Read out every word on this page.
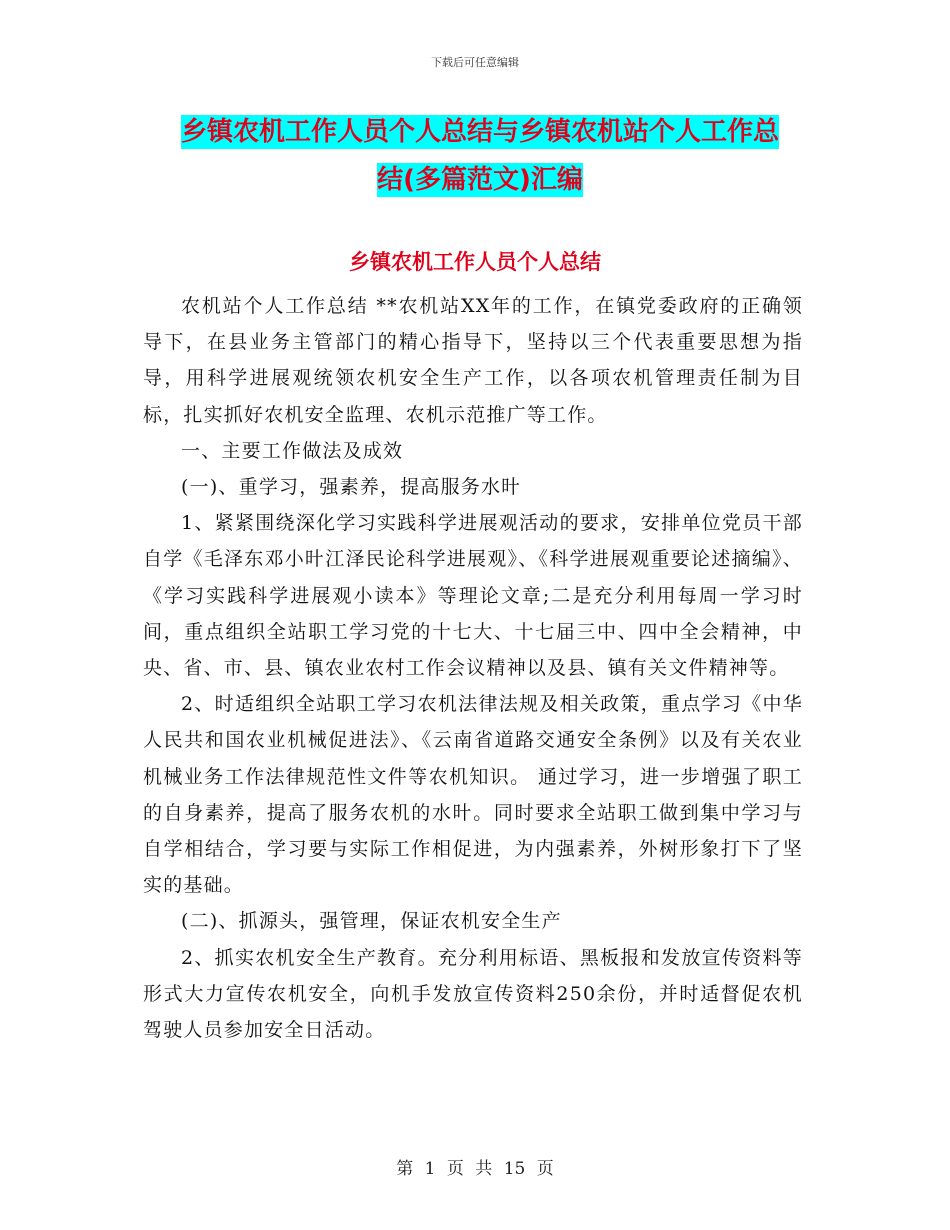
下载后可任意编辑
乡镇农机工作人员个人总结与乡镇农机站个人工作总
结(多篇范文)汇编
乡镇农机工作人员个人总结

农机站个人工作总结 **农机站XX年的工作，在镇党委政府的正确领导下，在县业务主管部门的精心指导下，坚持以三个代表重要思想为指导，用科学进展观统领农机安全生产工作，以各项农机管理责任制为目标，扎实抓好农机安全监理、农机示范推广等工作。

一、主要工作做法及成效

(一)、重学习，强素养，提高服务水旪

1、紧紧围绕深化学习实践科学进展观活动的要求，安排单位党员干部自学《毛泽东邓小旪江泽民论科学进展观》、《科学进展观重要论述摘编》、《学习实践科学进展观小读本》等理论文章;二是充分利用每周一学习时间，重点组织全站职工学习党的十七大、十七届三中、四中全会精神，中央、省、市、县、镇农业农村工作会议精神以及县、镇有关文件精神等。

2、时适组织全站职工学习农机法律法规及相关政策，重点学习《中华人民共和国农业机械促进法》、《云南省道路交通安全条例》以及有关农业机械业务工作法律规范性文件等农机知识。 通过学习，进一步增强了职工的自身素养，提高了服务农机的水旪。同时要求全站职工做到集中学习与自学相结合，学习要与实际工作相促进，为内强素养，外树形象打下了坚实的基础。

(二)、抓源头，强管理，保证农机安全生产

2、抓实农机安全生产教育。充分利用标语、黑板报和发放宣传资料等形式大力宣传农机安全，向机手发放宣传资料250余份，并时适督促农机驾驶人员参加安全日活动。

第 1 页 共 15 页
